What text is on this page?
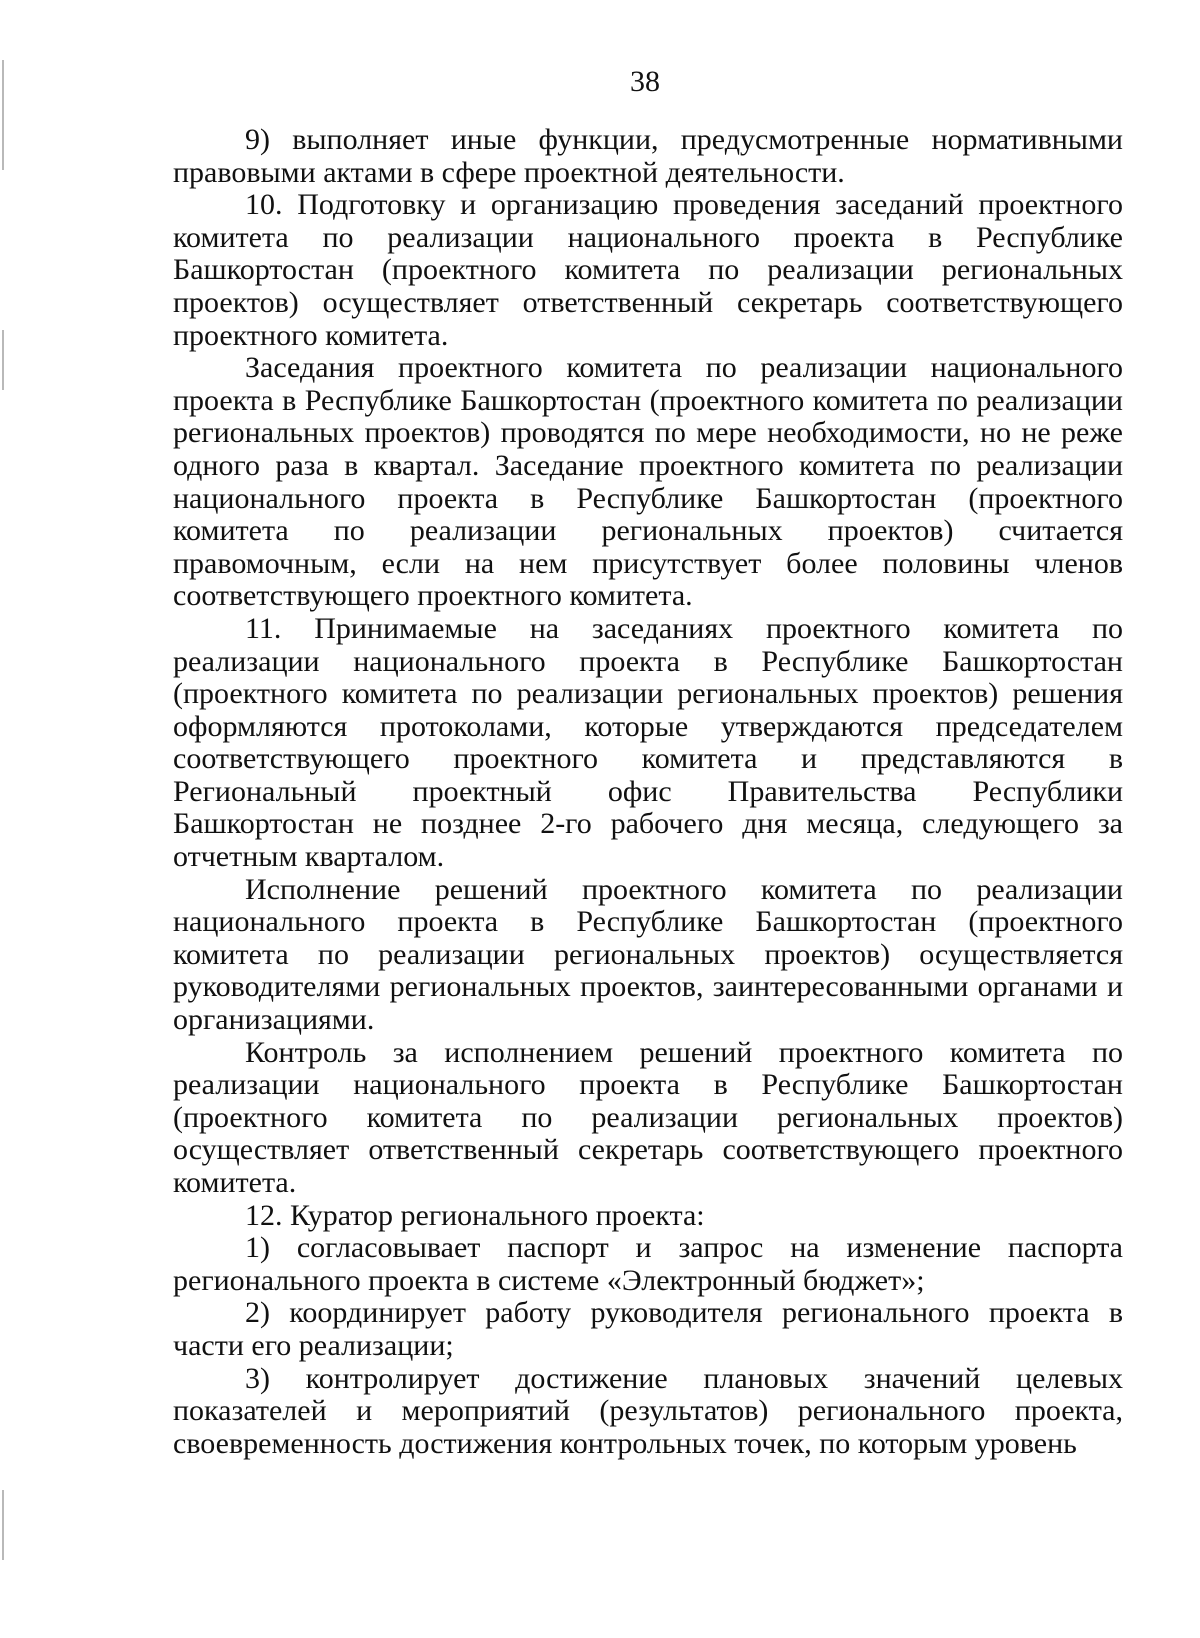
38
9) выполняет иные функции, предусмотренные нормативными
правовыми актами в сфере проектной деятельности.
10. Подготовку и организацию проведения заседаний проектного
комитета по реализации национального проекта в Республике
Башкортостан (проектного комитета по реализации региональных
проектов) осуществляет ответственный секретарь соответствующего
проектного комитета.
Заседания проектного комитета по реализации национального
проекта в Республике Башкортостан (проектного комитета по реализации
региональных проектов) проводятся по мере необходимости, но не реже
одного раза в квартал. Заседание проектного комитета по реализации
национального проекта в Республике Башкортостан (проектного
комитета по реализации региональных проектов) считается
правомочным, если на нем присутствует более половины членов
соответствующего проектного комитета.
11. Принимаемые на заседаниях проектного комитета по
реализации национального проекта в Республике Башкортостан
(проектного комитета по реализации региональных проектов) решения
оформляются протоколами, которые утверждаются председателем
соответствующего проектного комитета и представляются в
Региональный проектный офис Правительства Республики
Башкортостан не позднее 2-го рабочего дня месяца, следующего за
отчетным кварталом.
Исполнение решений проектного комитета по реализации
национального проекта в Республике Башкортостан (проектного
комитета по реализации региональных проектов) осуществляется
руководителями региональных проектов, заинтересованными органами и
организациями.
Контроль за исполнением решений проектного комитета по
реализации национального проекта в Республике Башкортостан
(проектного комитета по реализации региональных проектов)
осуществляет ответственный секретарь соответствующего проектного
комитета.
12. Куратор регионального проекта:
1) согласовывает паспорт и запрос на изменение паспорта
регионального проекта в системе «Электронный бюджет»;
2) координирует работу руководителя регионального проекта в
части его реализации;
3) контролирует достижение плановых значений целевых
показателей и мероприятий (результатов) регионального проекта,
своевременность достижения контрольных точек, по которым уровень
